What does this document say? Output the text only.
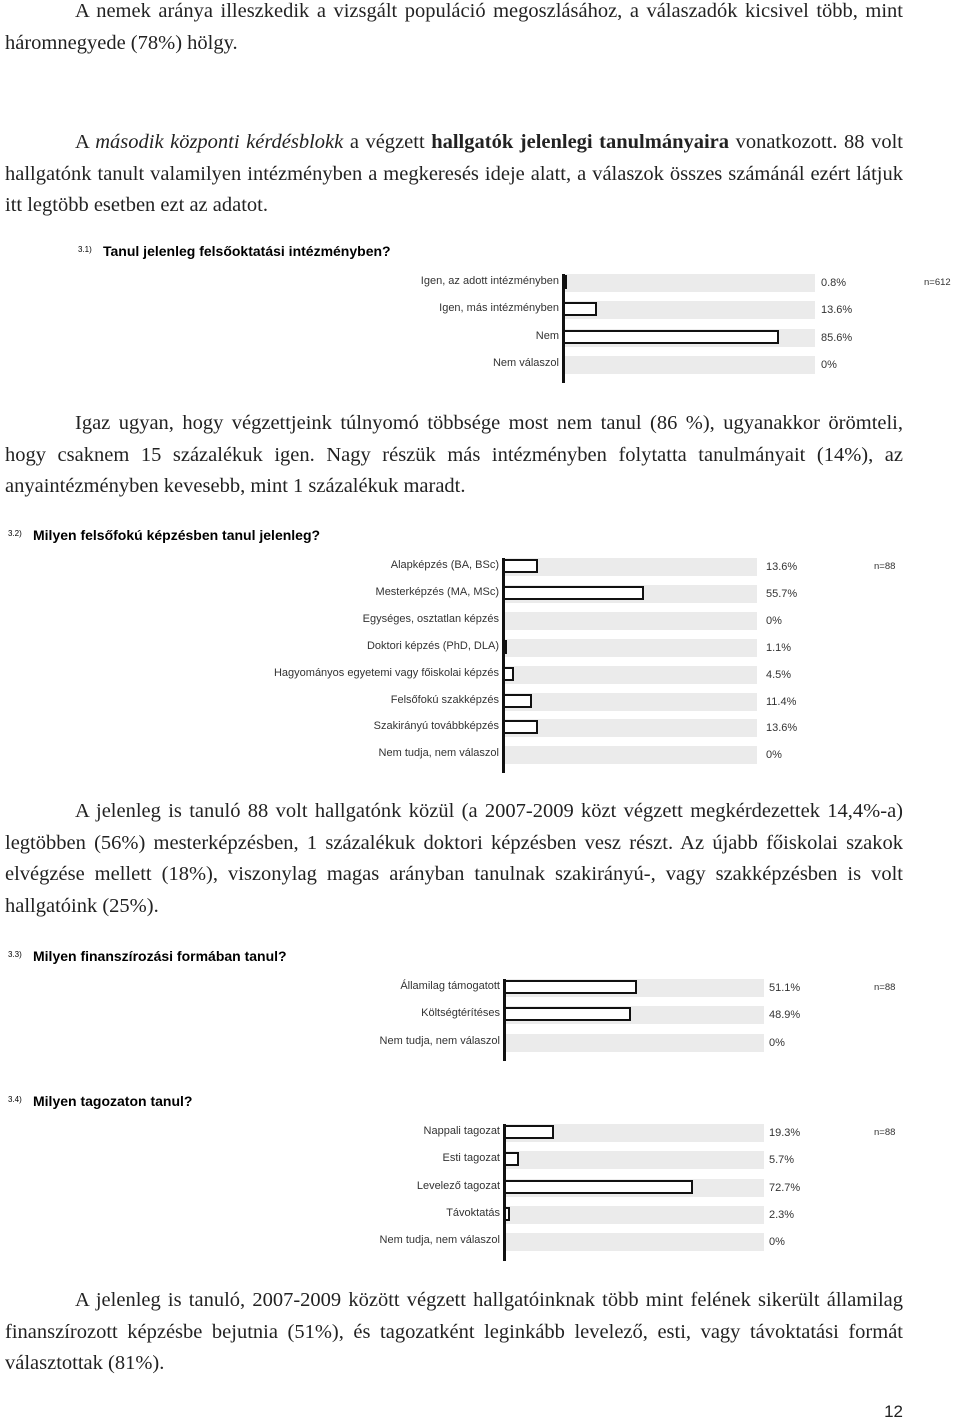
A nemek aránya illeszkedik a vizsgált populáció megoszlásához, a válaszadók kicsivel több, mint háromnegyede (78%) hölgy.

A második központi kérdésblokk a végzett hallgatók jelenlegi tanulmányaira vonatkozott. 88 volt hallgatónk tanult valamilyen intézményben a megkeresés ideje alatt, a válaszok összes számánál ezért látjuk itt legtöbb esetben ezt az adatot.

3.1) Tanul jelenleg felsőoktatási intézményben?
n=612
Igen, az adott intézményben	0.8%
Igen, más intézményben	13.6%
Nem	85.6%
Nem válaszol	0%

Igaz ugyan, hogy végzettjeink túlnyomó többsége most nem tanul (86 %), ugyanakkor örömteli, hogy csaknem 15 százalékuk igen. Nagy részük más intézményben folytatta tanulmányait (14%), az anyaintézményben kevesebb, mint 1 százalékuk maradt.

3.2) Milyen felsőfokú képzésben tanul jelenleg?
n=88
Alapképzés (BA, BSc)	13.6%
Mesterképzés (MA, MSc)	55.7%
Egységes, osztatlan képzés	0%
Doktori képzés (PhD, DLA)	1.1%
Hagyományos egyetemi vagy főiskolai képzés	4.5%
Felsőfokú szakképzés	11.4%
Szakirányú továbbképzés	13.6%
Nem tudja, nem válaszol	0%

A jelenleg is tanuló 88 volt hallgatónk közül (a 2007-2009 közt végzett megkérdezettek 14,4%-a) legtöbben (56%) mesterképzésben, 1 százalékuk doktori képzésben vesz részt. Az újabb főiskolai szakok elvégzése mellett (18%), viszonylag magas arányban tanulnak szakirányú-, vagy szakképzésben is volt hallgatóink (25%).

3.3) Milyen finanszírozási formában tanul?
n=88
Államilag támogatott	51.1%
Költségtérítéses	48.9%
Nem tudja, nem válaszol	0%
3.4) Milyen tagozaton tanul?
n=88
Nappali tagozat	19.3%
Esti tagozat	5.7%
Levelező tagozat	72.7%
Távoktatás	2.3%
Nem tudja, nem válaszol	0%

A jelenleg is tanuló, 2007-2009 között végzett hallgatóinknak több mint felének sikerült államilag finanszírozott képzésbe bejutnia (51%), és tagozatként leginkább levelező, esti, vagy távoktatási formát választottak (81%).

12
